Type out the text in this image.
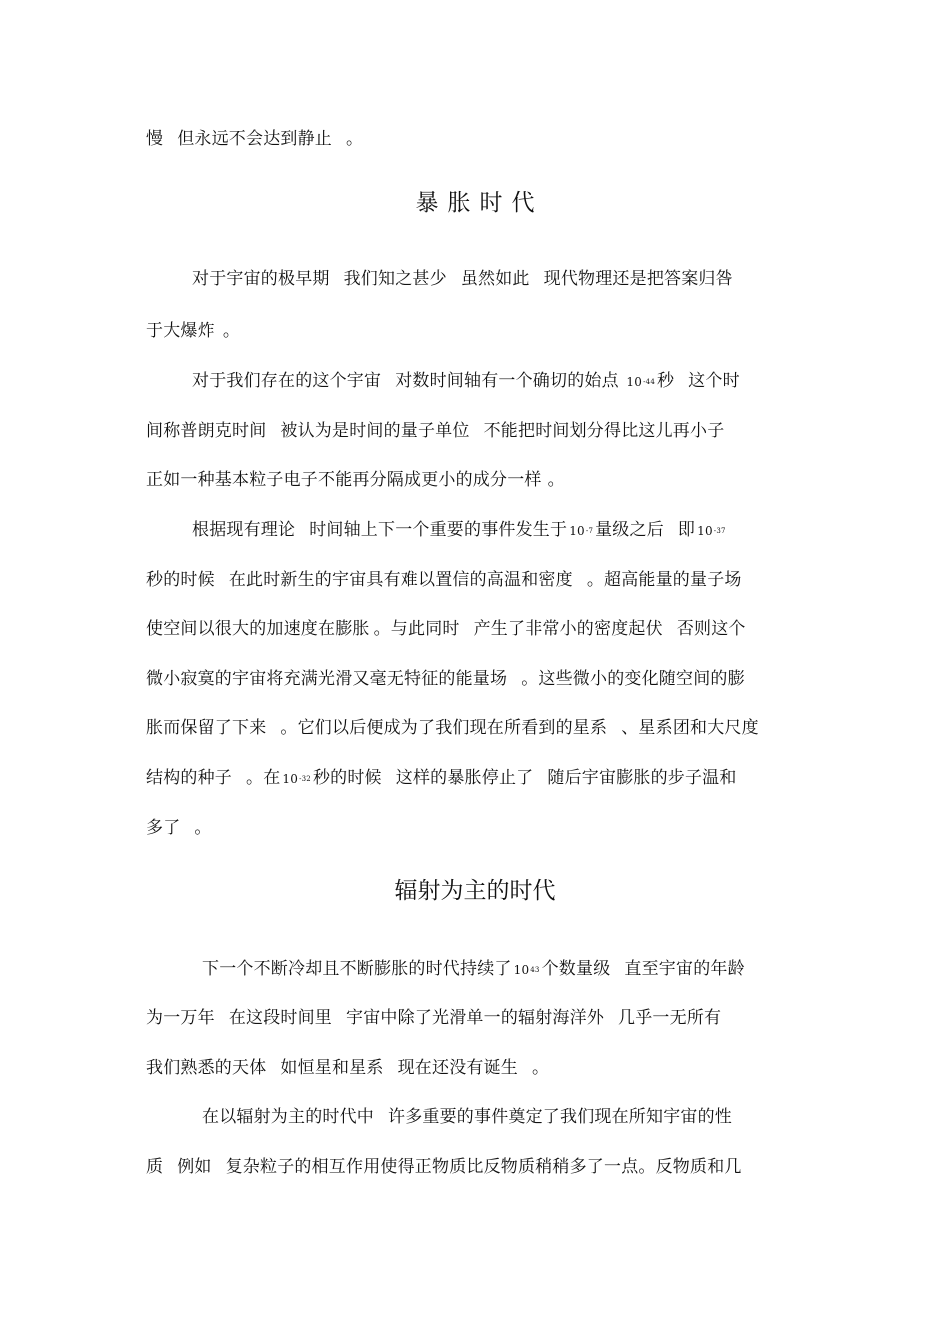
慢 但永远不会达到静止 。
暴胀时代
对于宇宙的极早期 我们知之甚少 虽然如此 现代物理还是把答案归咎
于大爆炸 。
对于我们存在的这个宇宙 对数时间轴有一个确切的始点 $10^{-44}$ 秒 这个时
间称普朗克时间 被认为是时间的量子单位 不能把时间划分得比这儿再小子
正如一种基本粒子电子不能再分隔成更小的成分一样 。
根据现有理论 时间轴上下一个重要的事件发生于 $10^{-7}$ 量级之后 即 $10^{-37}$
秒的时候 在此时新生的宇宙具有难以置信的高温和密度 。超高能量的量子场
使空间以很大的加速度在膨胀 。与此同时 产生了非常小的密度起伏 否则这个
微小寂寞的宇宙将充满光滑又毫无特征的能量场 。这些微小的变化随空间的膨
胀而保留了下来 。它们以后便成为了我们现在所看到的星系 、星系团和大尺度
结构的种子 。在 $10^{-32}$ 秒的时候 这样的暴胀停止了 随后宇宙膨胀的步子温和
多了 。
辐射为主的时代
下一个不断冷却且不断膨胀的时代持续了 $10^{43}$ 个数量级 直至宇宙的年龄
为一万年 在这段时间里 宇宙中除了光滑单一的辐射海洋外 几乎一无所有
我们熟悉的天体 如恒星和星系 现在还没有诞生 。
在以辐射为主的时代中 许多重要的事件奠定了我们现在所知宇宙的性
质 例如 复杂粒子的相互作用使得正物质比反物质稍稍多了一点。反物质和几
